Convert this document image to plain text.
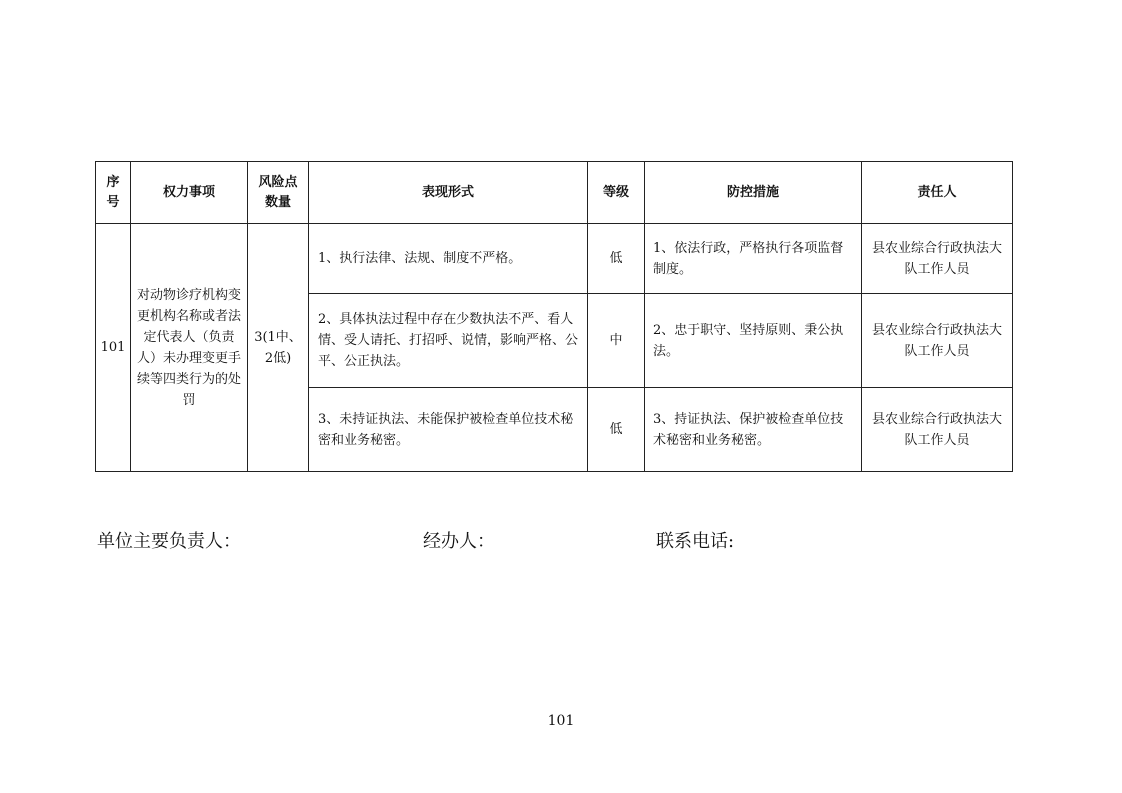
序号	权力事项	风险点数量	表现形式	等级	防控措施	责任人
101	对动物诊疗机构变更机构名称或者法定代表人（负责人）未办理变更手续等四类行为的处罚	3(1中、2低)	1、执行法律、法规、制度不严格。	低	1、依法行政，严格执行各项监督制度。	县农业综合行政执法大队工作人员
			2、具体执法过程中存在少数执法不严、看人情、受人请托、打招呼、说情，影响严格、公平、公正执法。	中	2、忠于职守、坚持原则、秉公执法。	县农业综合行政执法大队工作人员
			3、未持证执法、未能保护被检查单位技术秘密和业务秘密。	低	3、持证执法、保护被检查单位技术秘密和业务秘密。	县农业综合行政执法大队工作人员
单位主要负责人：	经办人：	联系电话:
101
